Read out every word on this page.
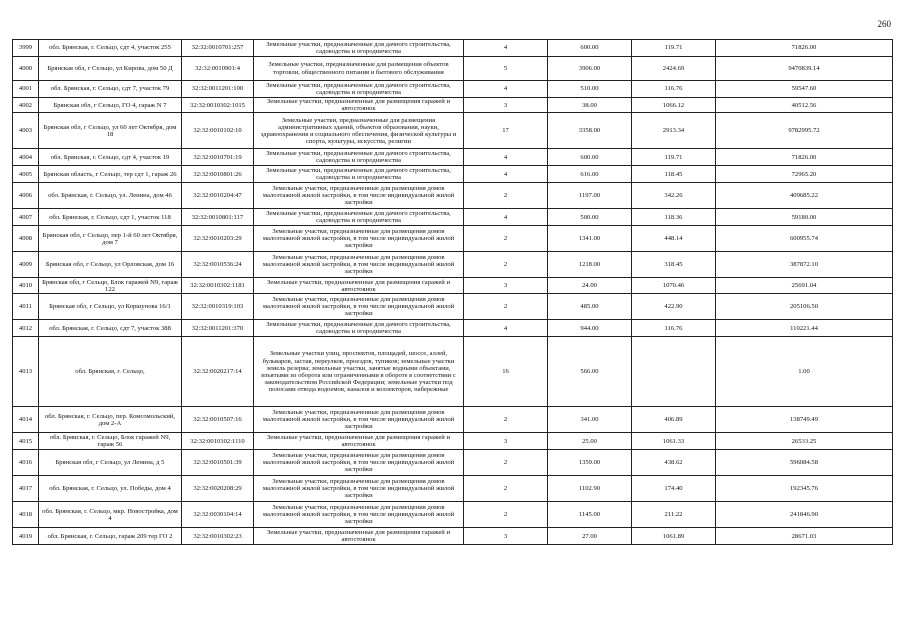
260
3999	обл. Брянская, г. Сельцо, сдт 4, участок 255	32:32:0010701:257	Земельные участки, предназначенные для дачного строительства, садоводства и огородничества	4	600.00	119.71	71826.00
4000	Брянская обл, г Сельцо, ул Кирова, дом 50 Д	32:32:0010901:4	Земельные участки, предназначенные для размещения объектов торговли, общественного питания и бытового обслуживания	5	3906.00	2424.69	9470839.14
4001	обл. Брянская, г. Сельцо, сдт 7, участок 79	32:32:0011201:100	Земельные участки, предназначенные для дачного строительства, садоводства и огородничества	4	510.00	116.76	59547.60
4002	Брянская обл, г Сельцо, ГО 4, гараж N 7	32:32:0010302:1015	Земельные участки, предназначенные для размещения гаражей и автостоянок	3	38.00	1066.12	40512.56
4003	Брянская обл, г Сельцо, ул 60 лет Октября, дом 18	32:32:0010102:10	Земельные участки, предназначенные для размещения административных зданий, объектов образования, науки, здравоохранения и социального обеспечения, физической культуры и спорта, культуры, искусства, религии	17	3358.00	2913.34	9782995.72
4004	обл. Брянская, г. Сельцо, сдт 4, участок 19	32:32:0010701:19	Земельные участки, предназначенные для дачного строительства, садоводства и огородничества	4	600.00	119.71	71826.00
4005	Брянская область, г Сельцо, тер сдт 1, гараж 26	32:32:0010801:26	Земельные участки, предназначенные для дачного строительства, садоводства и огородничества	4	616.00	118.45	72965.20
4006	обл. Брянская, г. Сельцо, ул. Ленина, дом 46	32:32:0010204:47	Земельные участки, предназначенные для размещения домов малоэтажной жилой застройки, в том числе индивидуальной жилой застройки	2	1197.00	342.26	409685.22
4007	обл. Брянская, г. Сельцо, сдт 1, участок 118	32:32:0010801:117	Земельные участки, предназначенные для дачного строительства, садоводства и огородничества	4	500.00	118.36	59180.00
4008	Брянская обл, г Сельцо, пер 1-й 60 лет Октября, дом 7	32:32:0010203:29	Земельные участки, предназначенные для размещения домов малоэтажной жилой застройки, в том числе индивидуальной жилой застройки	2	1341.00	448.14	600955.74
4009	Брянская обл, г Сельцо, ул Орловская, дом 16	32:32:0010536:24	Земельные участки, предназначенные для размещения домов малоэтажной жилой застройки, в том числе индивидуальной жилой застройки	2	1218.00	318.45	387872.10
4010	Брянская обл, г Сельцо, Блок гаражей N9, гараж 122	32:32:0010302:1181	Земельные участки, предназначенные для размещения гаражей и автостоянок	3	24.00	1070.46	25691.04
4011	Брянская обл, г Сельцо, ул Коршунова 16/1	32:32:0010319:103	Земельные участки, предназначенные для размещения домов малоэтажной жилой застройки, в том числе индивидуальной жилой застройки	2	485.00	422.90	205106.50
4012	обл. Брянская, г. Сельцо, сдт 7, участок 388	32:32:0011201:370	Земельные участки, предназначенные для дачного строительства, садоводства и огородничества	4	944.00	116.76	110221.44
4013	обл. Брянская, г. Сельцо,	32:32:0020217:14	Земельные участки улиц, проспектов, площадей, шоссе, аллей, бульваров, застав, переулков, проездов, тупиков; земельные участки земель резерва; земельные участки, занятые водными объектами, изъятыми из оборота или ограниченными в обороте в соответствии с законодательством Российской Федерации; земельные участки под полосами отвода водоемов, каналов и коллекторов, набережные	16	566.00		1.00
4014	обл. Брянская, г. Сельцо, пер. Комсомольский, дом 2-А	32:32:0010507:16	Земельные участки, предназначенные для размещения домов малоэтажной жилой застройки, в том числе индивидуальной жилой застройки	2	341.00	406.89	138749.49
4015	обл. Брянская, г. Сельцо, Блок гаражей N9, гараж 56	32:32:0010302:1110	Земельные участки, предназначенные для размещения гаражей и автостоянок	3	25.00	1061.33	26533.25
4016	Брянская обл, г Сельцо, ул Ленина, д 5	32:32:0010501:39	Земельные участки, предназначенные для размещения домов малоэтажной жилой застройки, в том числе индивидуальной жилой застройки	2	1359.00	438.62	596084.58
4017	обл. Брянская, г. Сельцо, ул. Победы, дом 4	32:32:0020208:29	Земельные участки, предназначенные для размещения домов малоэтажной жилой застройки, в том числе индивидуальной жилой застройки	2	1102.90	174.40	192345.76
4018	обл. Брянская, г. Сельцо, мкр. Новостройка, дом 4	32:32:0030104:14	Земельные участки, предназначенные для размещения домов малоэтажной жилой застройки, в том числе индивидуальной жилой застройки	2	1145.00	211.22	241846.90
4019	обл. Брянская, г. Сельцо, гараж 209 тер ГО 2	32:32:0010302:23	Земельные участки, предназначенные для размещения гаражей и автостоянок	3	27.00	1061.89	28671.03
